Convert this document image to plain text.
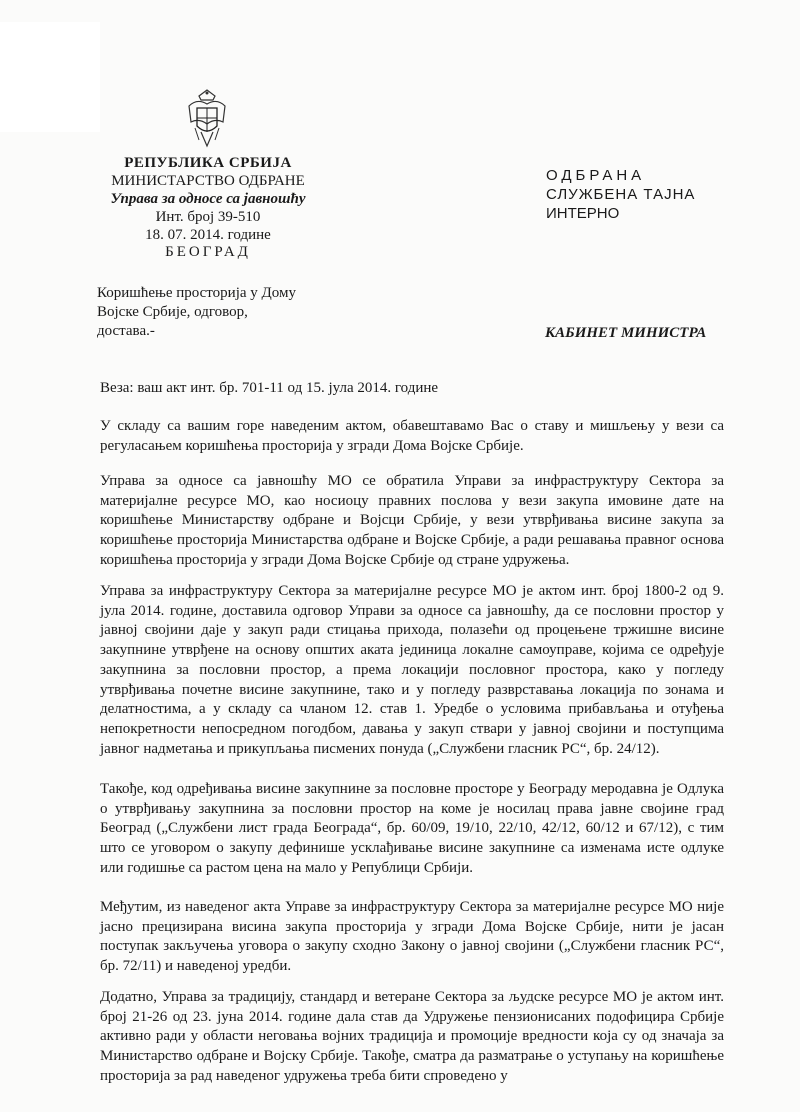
РЕПУБЛИКА СРБИЈА
МИНИСТАРСТВО ОДБРАНЕ
Управа за односе са јавношћу
Инт. број 39-510
18. 07. 2014. године
БЕОГРАД
ОДБРАНА
СЛУЖБЕНА ТАЈНА
ИНТЕРНО
Коришћење просторија у Дому
Војске Србије, одговор,
достава.-	КАБИНЕТ МИНИСТРА
Веза: ваш акт инт. бр. 701-11 од 15. јула 2014. године
У складу са вашим горе наведеним актом, обавештавамо Вас о ставу и мишљењу у вези са регуласањем коришћења просторија у згради Дома Војске Србије.
Управа за односе са јавношћу МО се обратила Управи за инфраструктуру Сектора за материјалне ресурсе МО, као носиоцу правних послова у вези закупа имовине дате на коришћење Министарству одбране и Војсци Србије, у вези утврђивања висине закупа за коришћење просторија Министарства одбране и Војске Србије, а ради решавања правног основа коришћења просторија у згради Дома Војске Србије од стране удружења.
Управа за инфраструктуру Сектора за материјалне ресурсе МО је актом инт. број 1800-2 од 9. јула 2014. године, доставила одговор Управи за односе са јавношћу, да се пословни простор у јавној својини даје у закуп ради стицања прихода, полазећи од процењене тржишне висине закупнине утврђене на основу општих аката јединица локалне самоуправе, којима се одређује закупнина за пословни простор, а према локацији пословног простора, како у погледу утврђивања почетне висине закупнине, тако и у погледу разврставања локација по зонама и делатностима, а у складу са чланом 12. став 1. Уредбе о условима прибављања и отуђења непокретности непосредном погодбом, давања у закуп ствари у јавној својини и поступцима јавног надметања и прикупљања писмених понуда („Службени гласник РС“, бр. 24/12).
Такође, код одређивања висине закупнине за пословне просторе у Београду меродавна је Одлука о утврђивању закупнина за пословни простор на коме је носилац права јавне својине град Београд („Службени лист града Београда“, бр. 60/09, 19/10, 22/10, 42/12, 60/12 и 67/12), с тим што се уговором о закупу дефинише усклађивање висине закупнине са изменама исте одлуке или годишње са растом цена на мало у Републици Србији.
Међутим, из наведеног акта Управе за инфраструктуру Сектора за материјалне ресурсе МО није јасно прецизирана висина закупа просторија у згради Дома Војске Србије, нити је јасан поступак закључења уговора о закупу сходно Закону о јавној својини („Службени гласник РС“, бр. 72/11) и наведеној уредби.
Додатно, Управа за традицију, стандард и ветеране Сектора за људске ресурсе МО је актом инт. број 21-26 од 23. јуна 2014. године дала став да Удружење пензионисаних подофицира Србије активно ради у области неговања војних традиција и промоције вредности која су од значаја за Министарство одбране и Војску Србије. Такође, сматра да разматрање о уступању на коришћење просторија за рад наведеног удружења треба бити спроведено у
